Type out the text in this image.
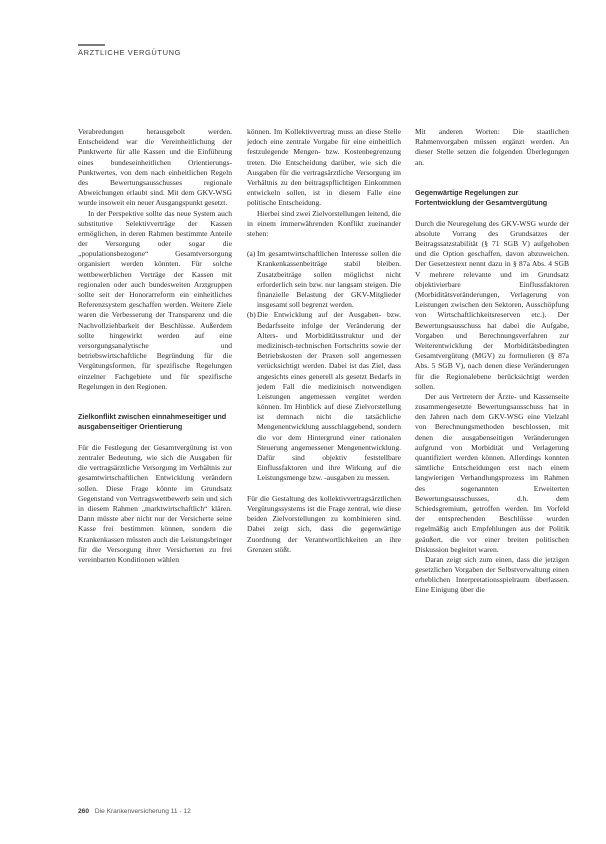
ÄRZTLICHE VERGÜTUNG

Verabredungen herausgebolt werden. Entscheidend war die Vereinheitlichung der Punktwerte für alle Kassen und die Einführung eines bundeseinheitlichen Orientierungs-Punktwertes, von dem nach einheitlichen Regeln des Bewertungsausschusses regionale Abweichungen erlaubt sind. Mit dem GKV-WSG wurde insoweit ein neuer Ausgangspunkt gesetzt.

In der Perspektive sollte das neue System auch substitutive Selektivverträge der Kassen ermöglichen, in deren Rahmen bestimmte Anteile der Versorgung oder sogar die „populationsbezogene“ Gesamtversorgung organisiert werden könnten. Für solche wettbewerblichen Verträge der Kassen mit regionalen oder auch bundesweiten Arztgruppen sollte seit der Honorarreform ein einheitliches Referenzsystem geschaffen werden. Weitere Ziele waren die Verbesserung der Transparenz und die Nachvollziehbarkeit der Beschlüsse. Außerdem sollte hingewirkt werden auf eine versorgungsanalytische und betriebswirtschaftliche Begründung für die Vergütungsformen, für spezifische Regelungen einzelner Fachgebiete und für spezifische Regelungen in den Regionen.

Zielkonflikt zwischen einnahmeseitiger und ausgabenseitiger Orientierung

Für die Festlegung der Gesamtvergütung ist von zentraler Bedeutung, wie sich die Ausgaben für die vertragsärztliche Versorgung im Verhältnis zur gesamtwirtschaftlichen Entwicklung verändern sollen. Diese Frage könnte im Grundsatz Gegenstand von Vertragswettbewerb sein und sich in diesem Rahmen „marktwirtschaftlich“ klären. Dann müsste aber nicht nur der Versicherte seine Kasse frei bestimmen können, sondern die Krankenkassen müssten auch die Leistungsbringer für die Versorgung ihrer Versicherten zu frei vereinbarten Konditionen wählen

können. Im Kollektivvertrag muss an diese Stelle jedoch eine zentrale Vorgabe für eine einheitlich festzulegende Mengen- bzw. Kostenbegrenzung treten. Die Entscheidung darüber, wie sich die Ausgaben für die vertragsärztliche Versorgung im Verhältnis zu den beitragspflichtigen Einkommen entwickeln sollen, ist in diesem Falle eine politische Entscheidung.

Hierbei sind zwei Zielvorstellungen leitend, die in einem immerwährenden Konflikt zueinander stehen:

(a) Im gesamtwirtschaftlichen Interesse sollen die Krankenkassenbeiträge stabil bleiben. Zusatzbeiträge sollen möglichst nicht erforderlich sein bzw. nur langsam steigen. Die finanzielle Belastung der GKV-Mitglieder insgesamt soll begrenzt werden.
(b) Die Entwicklung auf der Ausgaben- bzw. Bedarfsseite infolge der Veränderung der Alters- und Morbiditätsstruktur und der medizinisch-technischen Fortschritts sowie der Betriebskosten der Praxen soll angemessen verücksichtigt werden. Dabei ist das Ziel, dass angesichts eines generell als gesetzt Bedarfs in jedem Fall die medizinisch notwendigen Leistungen angemessen vergütet werden können. Im Hinblick auf diese Zielvorstellung ist demnach nicht die tatsächliche Mengenentwicklung ausschlaggebend, sondern die vor dem Hintergrund einer rationalen Steuerung angemessener Mengenentwicklung. Dafür sind objektiv feststellbare Einflussfaktoren und ihre Wirkung auf die Leistungsmenge bzw. -ausgaben zu messen.

Für die Gestaltung des kollektivvertragsärztlichen Vergütungssystems ist die Frage zentral, wie diese beiden Zielvorstellungen zu kombinieren sind. Dabei zeigt sich, dass die gegenwärtige Zuordnung der Verantwortlichkeiten an ihre Grenzen stößt.

Mit anderen Worten: Die staatlichen Rahmenvorgaben müssen ergänzt werden. An dieser Stelle setzen die folgenden Überlegungen an.

Gegenwärtige Regelungen zur Fortentwicklung der Gesamtvergütung

Durch die Neuregelung des GKV-WSG wurde der absolute Vorrang des Grundsatzes der Beitragssatzstabilität (§ 71 SGB V) aufgehoben und die Option geschaffen, davon abzuweichen. Der Gesetzestext nennt dazu in § 87a Abs. 4 SGB V mehrere relevante und im Grundsatz objektivierbare Einflussfaktoren (Morbiditätsveränderungen, Verlagerung von Leistungen zwischen den Sektoren, Ausschöpfung von Wirtschaftlichkeitsreserven etc.). Der Bewertungsausschuss hat dabei die Aufgabe, Vorgaben und Berechnungsverfahren zur Weiterentwicklung der Morbiditätsbedingten Gesamtvergütung (MGV) zu formulieren (§ 87a Abs. 5 SGB V), nach denen diese Veränderungen für die Regionalebene berücksichtigt werden sollen.

Der aus Vertretern der Ärzte- und Kassenseite zusammengesetzte Bewertungsausschuss hat in den Jahren nach dem GKV-WSG eine Vielzahl von Berechnungsmethoden beschlossen, mit denen die ausgabenseitigen Veränderungen aufgrund von Morbidität und Verlagerung quantifiziert werden können. Allerdings konnten sämtliche Entscheidungen erst nach einem langwierigen Verhandlungsprozess im Rahmen des sogenannten Erweiterten Bewertungsausschusses, d.h. dem Schiedsgremium, getroffen werden. Im Vorfeld der entsprechenden Beschlüsse wurden regelmäßig auch Empfehlungen aus der Politik geäußert, die vor einer breiten politischen Diskussion begleitet waren.

Daran zeigt sich zum einen, dass die jetzigen gesetzlichen Vorgaben der Selbstverwaltung einen erheblichen Interpretationsspielraum überlassen. Eine Einigung über die

260 Die Krankenversicherung 11 · 12
